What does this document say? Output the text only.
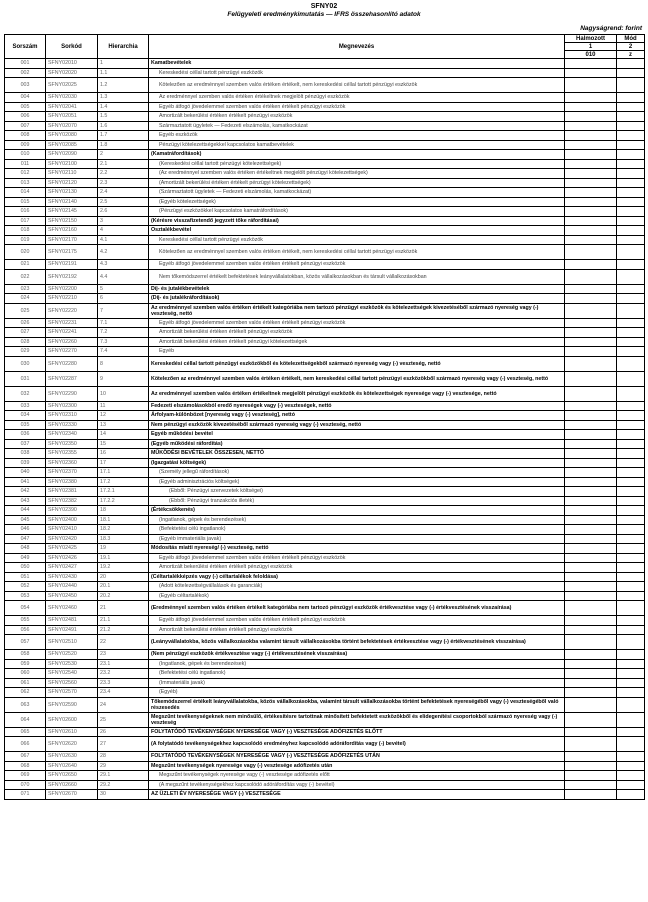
SFNY02
Felügyeleti eredménykimutatás — IFRS összehasonlító adatok
Nagyságrend: forint
Sorszám	Sorkód	Hierarchia	Megnevezés	Halmozott	Mód
				1	2
				010	z
001	SFNY02010	1	Kamatbevételek		
002	SFNY02020	1.1	Kereskedési céllal tartott pénzügyi eszközök		
003	SFNY02025	1.2	Kötelezően az eredménnyel szemben valós értéken értékelt, nem kereskedési céllal tartott pénzügyi eszközök		
004	SFNY02030	1.3	Az eredménnyel szemben valós értéken értékeltnek megjelölt pénzügyi eszközök		
005	SFNY02041	1.4	Egyéb átfogó jövedelemmel szemben valós értéken értékelt pénzügyi eszközök		
006	SFNY02051	1.5	Amortizált bekerülési értéken értékelt pénzügyi eszközök		
007	SFNY02070	1.6	Származtatott ügyletek — Fedezeti elszámolás, kamatkockázat		
008	SFNY02080	1.7	Egyéb eszközök		
009	SFNY02085	1.8	Pénzügyi kötelezettségekkel kapcsolatos kamatbevételek		
010	SFNY02090	2	(Kamatráfordítások)		
011	SFNY02100	2.1	(Kereskedési céllal tartott pénzügyi kötelezettségek)		
012	SFNY02110	2.2	(Az eredménnyel szemben valós értéken értékeltnek megjelölt pénzügyi kötelezettségek)		
013	SFNY02120	2.3	(Amortizált bekerülési értéken értékelt pénzügyi kötelezettségek)		
014	SFNY02130	2.4	(Származtatott ügyletek — Fedezeti elszámolás, kamatkockázat)		
015	SFNY02140	2.5	(Egyéb kötelezettségek)		
016	SFNY02145	2.6	(Pénzügyi eszközökkel kapcsolatos kamatráfordítások)		
017	SFNY02150	3	(Kérésre visszafizetendő jegyzett tőke ráfordításai)		
018	SFNY02160	4	Osztalékbevétel		
019	SFNY02170	4.1	Kereskedési céllal tartott pénzügyi eszközök		
020	SFNY02175	4.2	Kötelezően az eredménnyel szemben valós értéken értékelt, nem kereskedési céllal tartott pénzügyi eszközök		
021	SFNY02191	4.3	Egyéb átfogó jövedelemmel szemben valós értéken értékelt pénzügyi eszközök		
022	SFNY02192	4.4	Nem tőkemódszerrel értékelt befektetések leányvállalatokban, közös vállalkozásokban és társult vállalkozásokban		
023	SFNY02200	5	Díj- és jutalékbevételek		
024	SFNY02210	6	(Díj- és jutalékráfordítások)		
025	SFNY02220	7	Az eredménnyel szemben valós értéken értékelt kategóriába nem tartozó pénzügyi eszközök és kötelezettségek kivezetéséből származó nyereség vagy (-) veszteség, nettó		
026	SFNY02231	7.1	Egyéb átfogó jövedelemmel szemben valós értéken értékelt pénzügyi eszközök		
027	SFNY02241	7.2	Amortizált bekerülési értéken értékelt pénzügyi eszközök		
028	SFNY02260	7.3	Amortizált bekerülési értéken értékelt pénzügyi kötelezettségek		
029	SFNY02270	7.4	Egyéb		
030	SFNY02280	8	Kereskedési céllal tartott pénzügyi eszközökből és kötelezettségekből származó nyereség vagy (-) veszteség, nettó		
031	SFNY02287	9	Kötelezően az eredménnyel szemben valós értéken értékelt, nem kereskedési céllal tartott pénzügyi eszközökből származó nyereség vagy (-) veszteség, nettó		
032	SFNY02290	10	Az eredménnyel szemben valós értéken értékeltnek megjelölt pénzügyi eszközök és kötelezettségek nyeresége vagy (-) vesztesége, nettó		
033	SFNY02300	11	Fedezeti elszámolásokból eredő nyereségek vagy (-) veszteségek, nettó		
034	SFNY02310	12	Árfolyam-különbözet [nyereség vagy (-) veszteség], nettó		
035	SFNY02330	13	Nem pénzügyi eszközök kivezetéséből származó nyereség vagy (-) veszteség, nettó		
036	SFNY02340	14	Egyéb működési bevétel		
037	SFNY02350	15	(Egyéb működési ráfordítás)		
038	SFNY02355	16	MŰKÖDÉSI BEVÉTELEK ÖSSZESEN, NETTÓ		
039	SFNY02360	17	(Igazgatási költségek)		
040	SFNY02370	17.1	(Személy jellegű ráfordítások)		
041	SFNY02380	17.2	(Egyéb adminisztrációs költségek)		
042	SFNY02381	17.2.1	(Ebből: Pénzügyi szervezetek költségei)		
043	SFNY02382	17.2.2	(Ebből: Pénzügyi tranzakciós illeték)		
044	SFNY02390	18	(Értékcsökkenés)		
045	SFNY02400	18.1	(Ingatlanok, gépek és berendezések)		
046	SFNY02410	18.2	(Befektetési célú ingatlanok)		
047	SFNY02420	18.3	(Egyéb immateriális javak)		
048	SFNY02425	19	Módosítás miatti nyereség/ (-) veszteség, nettó		
049	SFNY02426	19.1	Egyéb átfogó jövedelemmel szemben valós értéken értékelt pénzügyi eszközök		
050	SFNY02427	19.2	Amortizált bekerülési értéken értékelt pénzügyi eszközök		
051	SFNY02430	20	(Céltartalékképzés vagy (-) céltartalékok feloldása)		
052	SFNY02440	20.1	(Adott kötelezettségvállalások és garanciák)		
053	SFNY02450	20.2	(Egyéb céltartalékok)		
054	SFNY02460	21	(Eredménnyel szemben valós értéken értékelt kategóriába nem tartozó pénzügyi eszközök értékvesztése vagy (-) értékvesztésének visszaírása)		
055	SFNY02481	21.1	Egyéb átfogó jövedelemmel szemben valós értéken értékelt pénzügyi eszközök		
056	SFNY02491	21.2	Amortizált bekerülési értéken értékelt pénzügyi eszközök		
057	SFNY02510	22	(Leányvállalatokba, közös vállalkozásokba valamint társult vállalkozásokba történt befektetések értékvesztése vagy (-) értékvesztésének visszaírása)		
058	SFNY02520	23	(Nem pénzügyi eszközök értékvesztése vagy (-) értékvesztésének visszaírása)		
059	SFNY02530	23.1	(Ingatlanok, gépek és berendezések)		
060	SFNY02540	23.2	(Befektetési célú ingatlanok)		
061	SFNY02560	23.3	(Immateriális javak)		
062	SFNY02570	23.4	(Egyéb)		
063	SFNY02590	24	Tőkemódszerrel értékelt leányvállalatokba, közös vállalkozásokba, valamint társult vállalkozásokba történt befektetések nyereségéből vagy (-) veszteségéből való részesedés		
064	SFNY02600	25	Megszűnt tevékenységeknek nem minősülő, értékesítésre tartottnak minősített befektetett eszközökből és elidegenítési csoportokból származó nyereség vagy (-) veszteség		
065	SFNY02610	26	FOLYTATÓDÓ TEVÉKENYSÉGEK NYERESÉGE VAGY (-) VESZTESÉGE ADÓFIZETÉS ELŐTT		
066	SFNY02620	27	(A folytatódó tevékenységekhez kapcsolódó eredményhez kapcsolódó adóráfordítás vagy (-) bevétel)		
067	SFNY02630	28	FOLYTATÓDÓ TEVÉKENYSÉGEK NYERESÉGE VAGY (-) VESZTESÉGE ADÓFIZETÉS UTÁN		
068	SFNY02640	29	Megszűnt tevékenységek nyeresége vagy (-) vesztesége adófizetés után		
069	SFNY02650	29.1	Megszűnt tevékenységek nyeresége vagy (-) vesztesége adófizetés előtt		
070	SFNY02660	29.2	(A megszűnt tevékenységekhez kapcsolódó adóráfordítás vagy (-) bevétel)		
071	SFNY02670	30	AZ ÜZLETI ÉV NYERESÉGE VAGY (-) VESZTESÉGE		
